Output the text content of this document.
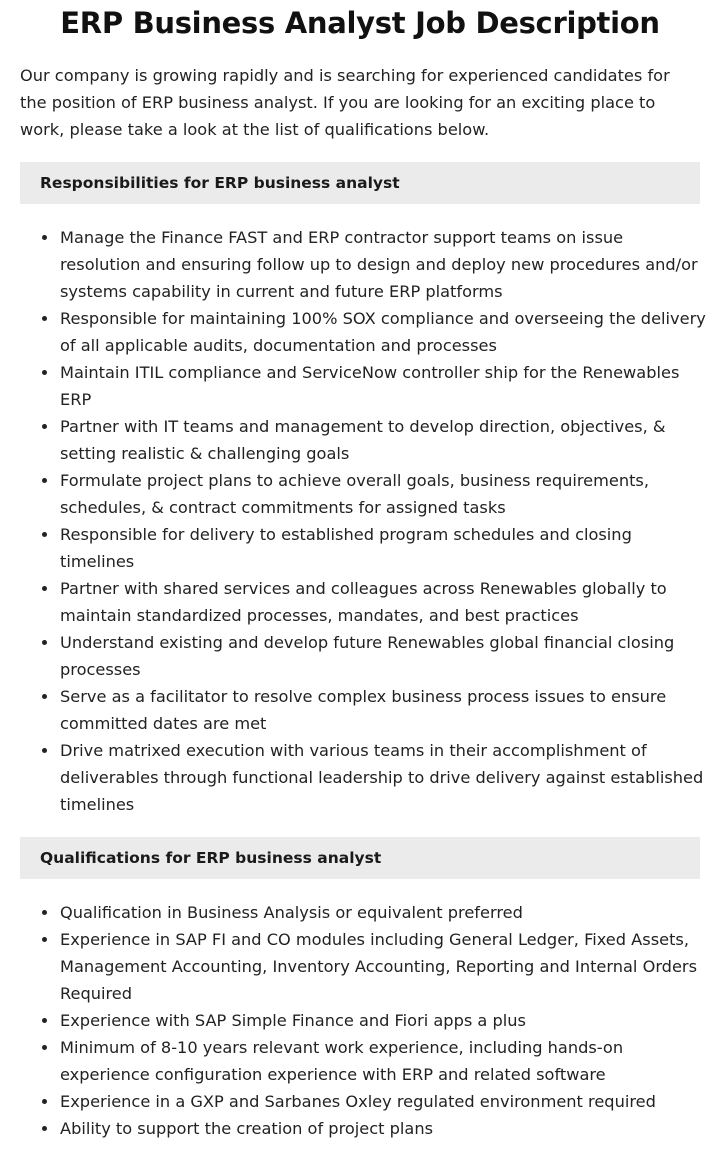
ERP Business Analyst Job Description

Our company is growing rapidly and is searching for experienced candidates for the position of ERP business analyst. If you are looking for an exciting place to work, please take a look at the list of qualifications below.

Responsibilities for ERP business analyst
Manage the Finance FAST and ERP contractor support teams on issue resolution and ensuring follow up to design and deploy new procedures and/or systems capability in current and future ERP platforms
Responsible for maintaining 100% SOX compliance and overseeing the delivery of all applicable audits, documentation and processes
Maintain ITIL compliance and ServiceNow controller ship for the Renewables ERP
Partner with IT teams and management to develop direction, objectives, & setting realistic & challenging goals
Formulate project plans to achieve overall goals, business requirements, schedules, & contract commitments for assigned tasks
Responsible for delivery to established program schedules and closing timelines
Partner with shared services and colleagues across Renewables globally to maintain standardized processes, mandates, and best practices
Understand existing and develop future Renewables global financial closing processes
Serve as a facilitator to resolve complex business process issues to ensure committed dates are met
Drive matrixed execution with various teams in their accomplishment of deliverables through functional leadership to drive delivery against established timelines
Qualifications for ERP business analyst
Qualification in Business Analysis or equivalent preferred
Experience in SAP FI and CO modules including General Ledger, Fixed Assets, Management Accounting, Inventory Accounting, Reporting and Internal Orders Required
Experience with SAP Simple Finance and Fiori apps a plus
Minimum of 8-10 years relevant work experience, including hands-on experience configuration experience with ERP and related software
Experience in a GXP and Sarbanes Oxley regulated environment required
Ability to support the creation of project plans
